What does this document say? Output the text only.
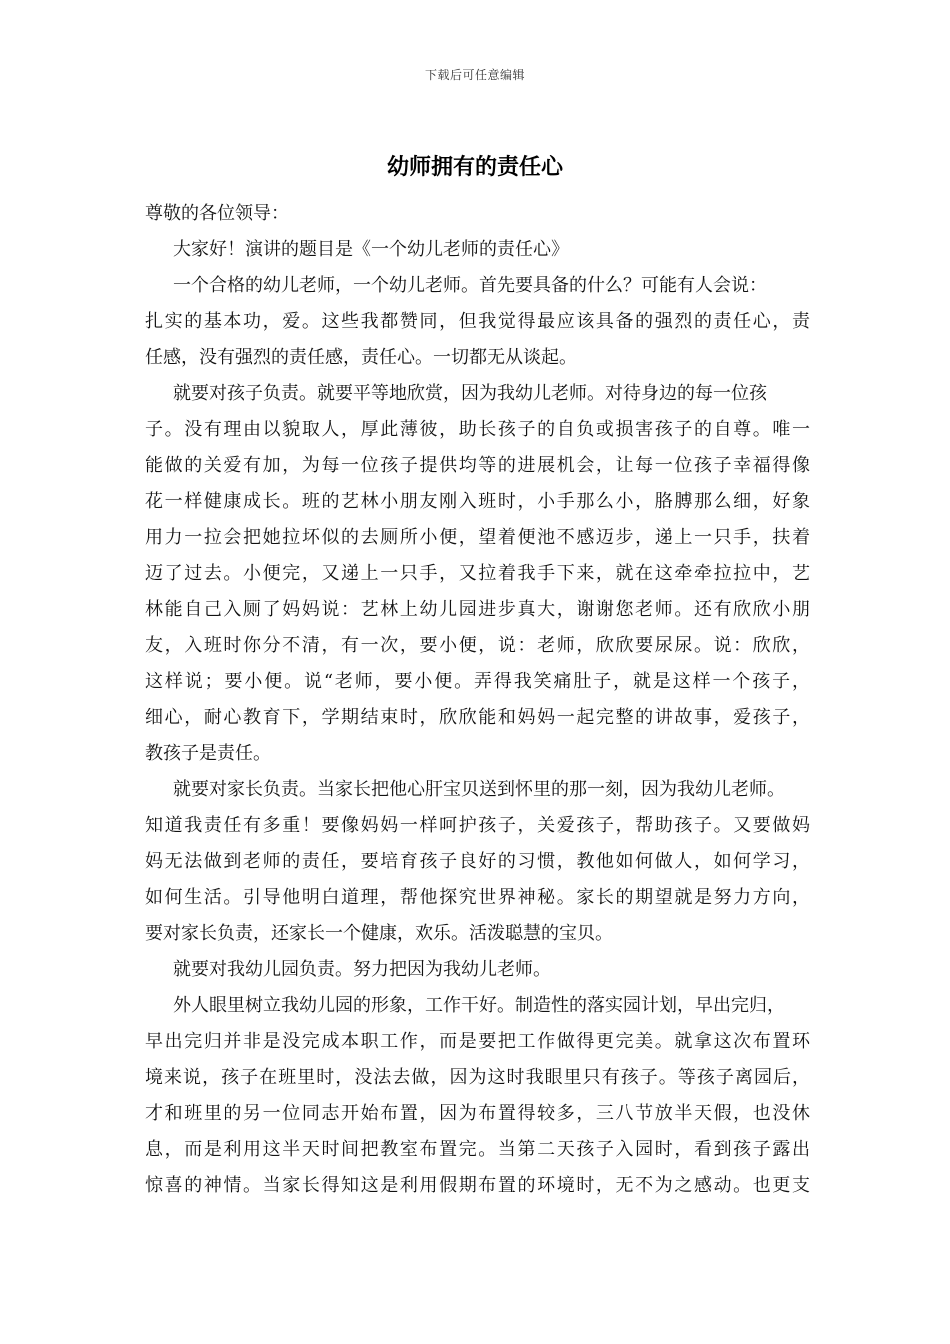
下载后可任意编辑
幼师拥有的责任心
尊敬的各位领导：
大家好！演讲的题目是《一个幼儿老师的责任心》
一个合格的幼儿老师，一个幼儿老师。首先要具备的什么？可能有人会说：
扎实的基本功，爱。这些我都赞同，但我觉得最应该具备的强烈的责任心，责
任感，没有强烈的责任感，责任心。一切都无从谈起。
就要对孩子负责。就要平等地欣赏，因为我幼儿老师。对待身边的每一位孩
子。没有理由以貌取人，厚此薄彼，助长孩子的自负或损害孩子的自尊。唯一
能做的关爱有加，为每一位孩子提供均等的进展机会，让每一位孩子幸福得像
花一样健康成长。班的艺林小朋友刚入班时，小手那么小，胳膊那么细，好象
用力一拉会把她拉坏似的去厕所小便，望着便池不感迈步，递上一只手，扶着
迈了过去。小便完，又递上一只手，又拉着我手下来，就在这牵牵拉拉中，艺
林能自己入厕了妈妈说：艺林上幼儿园进步真大，谢谢您老师。还有欣欣小朋
友，入班时你分不清，有一次，要小便，说：老师，欣欣要尿尿。说：欣欣，
这样说；要小便。说“老师，要小便。弄得我笑痛肚子，就是这样一个孩子，
细心，耐心教育下，学期结束时，欣欣能和妈妈一起完整的讲故事，爱孩子，
教孩子是责任。
就要对家长负责。当家长把他心肝宝贝送到怀里的那一刻，因为我幼儿老师。
知道我责任有多重！要像妈妈一样呵护孩子，关爱孩子，帮助孩子。又要做妈
妈无法做到老师的责任，要培育孩子良好的习惯，教他如何做人，如何学习，
如何生活。引导他明白道理，帮他探究世界神秘。家长的期望就是努力方向，
要对家长负责，还家长一个健康，欢乐。活泼聪慧的宝贝。
就要对我幼儿园负责。努力把因为我幼儿老师。
外人眼里树立我幼儿园的形象，工作干好。制造性的落实园计划，早出完归，
早出完归并非是没完成本职工作，而是要把工作做得更完美。就拿这次布置环
境来说，孩子在班里时，没法去做，因为这时我眼里只有孩子。等孩子离园后，
才和班里的另一位同志开始布置，因为布置得较多，三八节放半天假，也没休
息，而是利用这半天时间把教室布置完。当第二天孩子入园时，看到孩子露出
惊喜的神情。当家长得知这是利用假期布置的环境时，无不为之感动。也更支
